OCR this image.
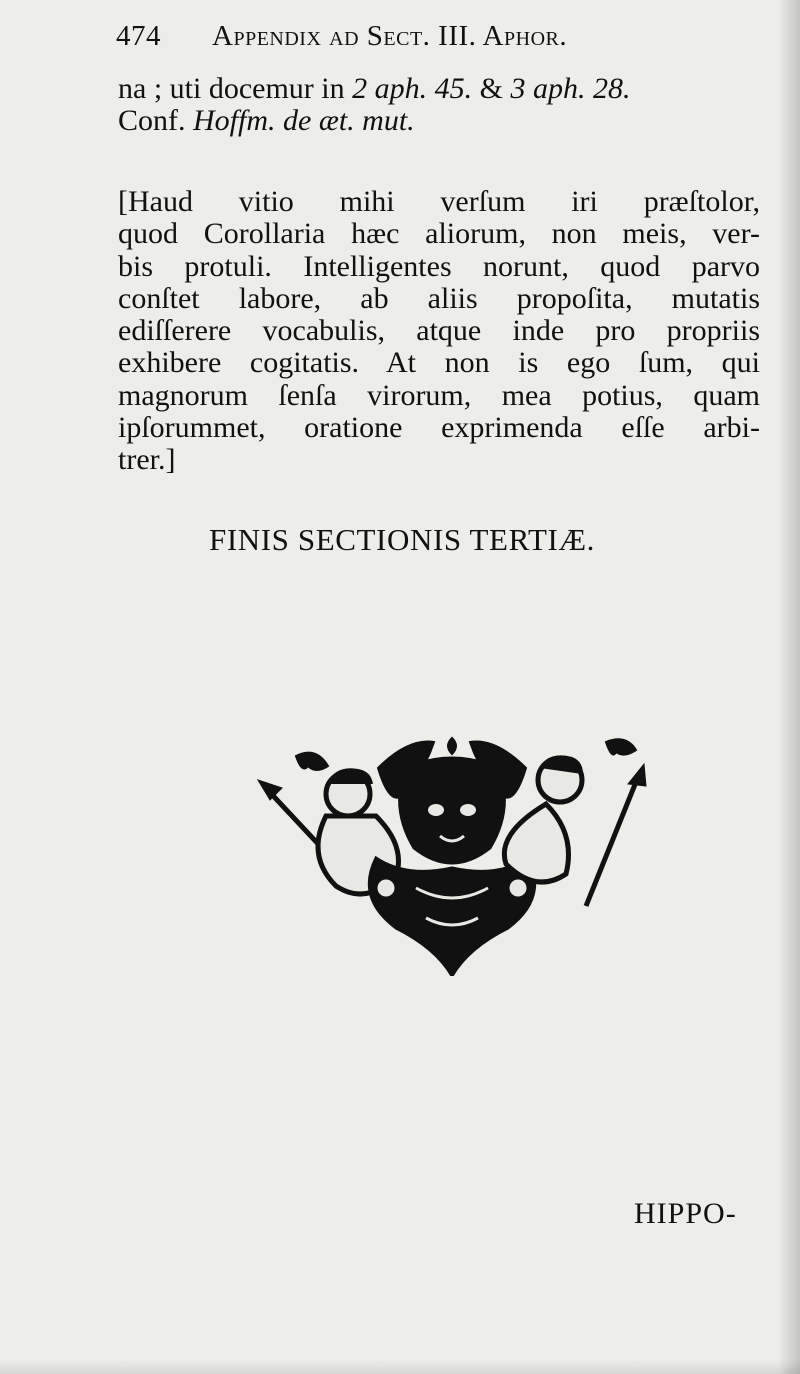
474 Appendix ad Sect. III. Aphor.
na ; uti docemur in 2 aph. 45. & 3 aph. 28.
Conf. Hoffm. de æt. mut.
[Haud vitio mihi verſum iri præſtolor,
quod Corollaria hæc aliorum, non meis, ver-
bis protuli. Intelligentes norunt, quod parvo
conſtet labore, ab aliis propoſita, mutatis
ediſſerere vocabulis, atque inde pro propriis
exhibere cogitatis. At non is ego ſum, qui
magnorum ſenſa virorum, mea potius, quam
ipſorummet, oratione exprimenda eſſe arbi-
trer.]
FINIS SECTIONIS TERTIÆ.
HIPPO-
